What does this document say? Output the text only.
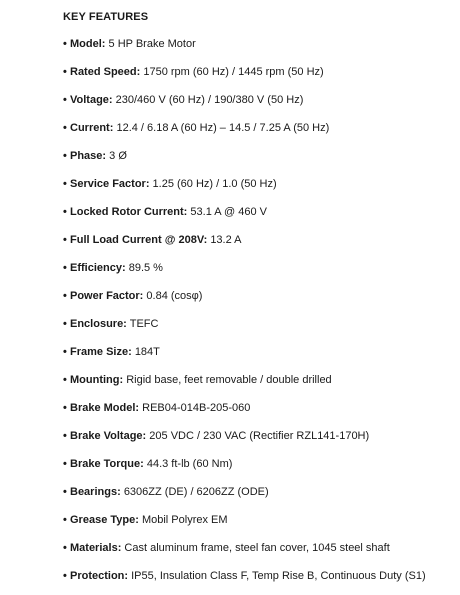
KEY FEATURES
• Model: 5 HP Brake Motor
• Rated Speed: 1750 rpm (60 Hz) / 1445 rpm (50 Hz)
• Voltage: 230/460 V (60 Hz) / 190/380 V (50 Hz)
• Current: 12.4 / 6.18 A (60 Hz) – 14.5 / 7.25 A (50 Hz)
• Phase: 3 Ø
• Service Factor: 1.25 (60 Hz) / 1.0 (50 Hz)
• Locked Rotor Current: 53.1 A @ 460 V
• Full Load Current @ 208V: 13.2 A
• Efficiency: 89.5 %
• Power Factor: 0.84 (cosφ)
• Enclosure: TEFC
• Frame Size: 184T
• Mounting: Rigid base, feet removable / double drilled
• Brake Model: REB04-014B-205-060
• Brake Voltage: 205 VDC / 230 VAC (Rectifier RZL141-170H)
• Brake Torque: 44.3 ft-lb (60 Nm)
• Bearings: 6306ZZ (DE) / 6206ZZ (ODE)
• Grease Type: Mobil Polyrex EM
• Materials: Cast aluminum frame, steel fan cover, 1045 steel shaft
• Protection: IP55, Insulation Class F, Temp Rise B, Continuous Duty (S1)
